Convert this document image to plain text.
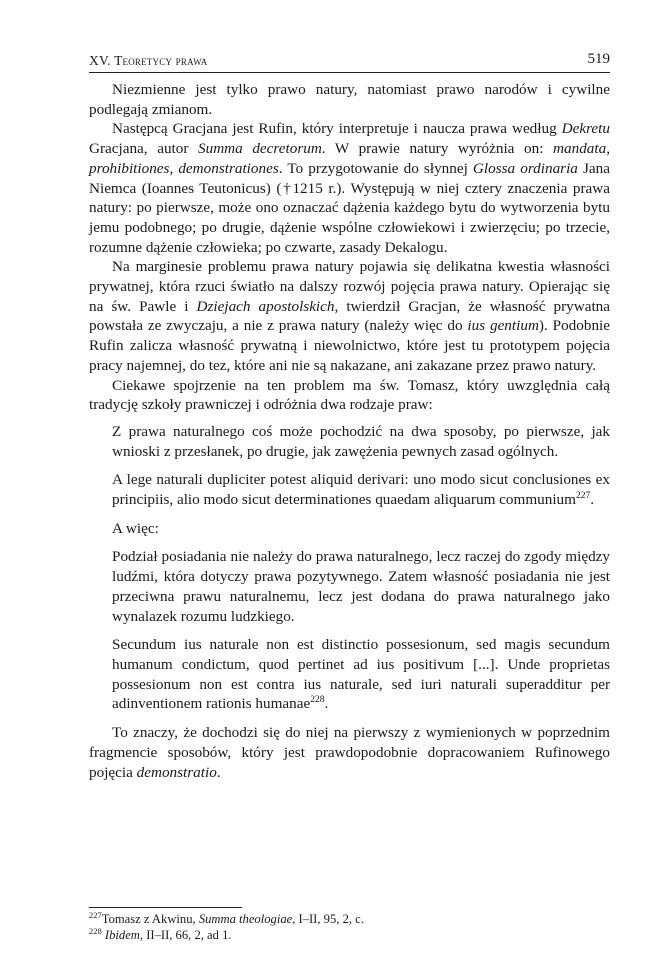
XV. Teoretycy prawa	519

Niezmienne jest tylko prawo natury, natomiast prawo narodów i cywilne podlegają zmianom.

Następcą Gracjana jest Rufin, który interpretuje i naucza prawa według Dekretu Gracjana, autor Summa decretorum. W prawie natury wyróżnia on: mandata, prohibitiones, demonstrationes. To przygotowanie do słynnej Glossa ordinaria Jana Niemca (Ioannes Teutonicus) (†1215 r.). Występują w niej cztery znaczenia prawa natury: po pierwsze, może ono oznaczać dążenia każdego bytu do wytworzenia bytu jemu podobnego; po drugie, dążenie wspólne człowiekowi i zwierzęciu; po trzecie, rozumne dążenie człowieka; po czwarte, zasady Dekalogu.

Na marginesie problemu prawa natury pojawia się delikatna kwestia własności prywatnej, która rzuci światło na dalszy rozwój pojęcia prawa natury. Opierając się na św. Pawle i Dziejach apostolskich, twierdził Gracjan, że własność prywatna powstała ze zwyczaju, a nie z prawa natury (należy więc do ius gentium). Podobnie Rufin zalicza własność prywatną i niewolnictwo, które jest tu prototypem pojęcia pracy najemnej, do tez, które ani nie są nakazane, ani zakazane przez prawo natury.

Ciekawe spojrzenie na ten problem ma św. Tomasz, który uwzględnia całą tradycję szkoły prawniczej i odróżnia dwa rodzaje praw:

Z prawa naturalnego coś może pochodzić na dwa sposoby, po pierwsze, jak wnioski z przesłanek, po drugie, jak zawężenia pewnych zasad ogólnych.

A lege naturali dupliciter potest aliquid derivari: uno modo sicut conclusiones ex principiis, alio modo sicut determinationes quaedam aliquarum communium$^{227}$.

A więc:

Podział posiadania nie należy do prawa naturalnego, lecz raczej do zgody między ludźmi, która dotyczy prawa pozytywnego. Zatem własność posiadania nie jest przeciwna prawu naturalnemu, lecz jest dodana do prawa naturalnego jako wynalazek rozumu ludzkiego.

Secundum ius naturale non est distinctio possesionum, sed magis secundum humanum condictum, quod pertinet ad ius positivum [...]. Unde proprietas possesionum non est contra ius naturale, sed iuri naturali superadditur per adinventionem rationis humanae$^{228}$.

To znaczy, że dochodzi się do niej na pierwszy z wymienionych w poprzednim fragmencie sposobów, który jest prawdopodobnie dopracowaniem Rufinowego pojęcia demonstratio.

$^{227}$Tomasz z Akwinu, Summa theologiae, I–II, 95, 2, c.

$^{228}$ Ibidem, II–II, 66, 2, ad 1.
